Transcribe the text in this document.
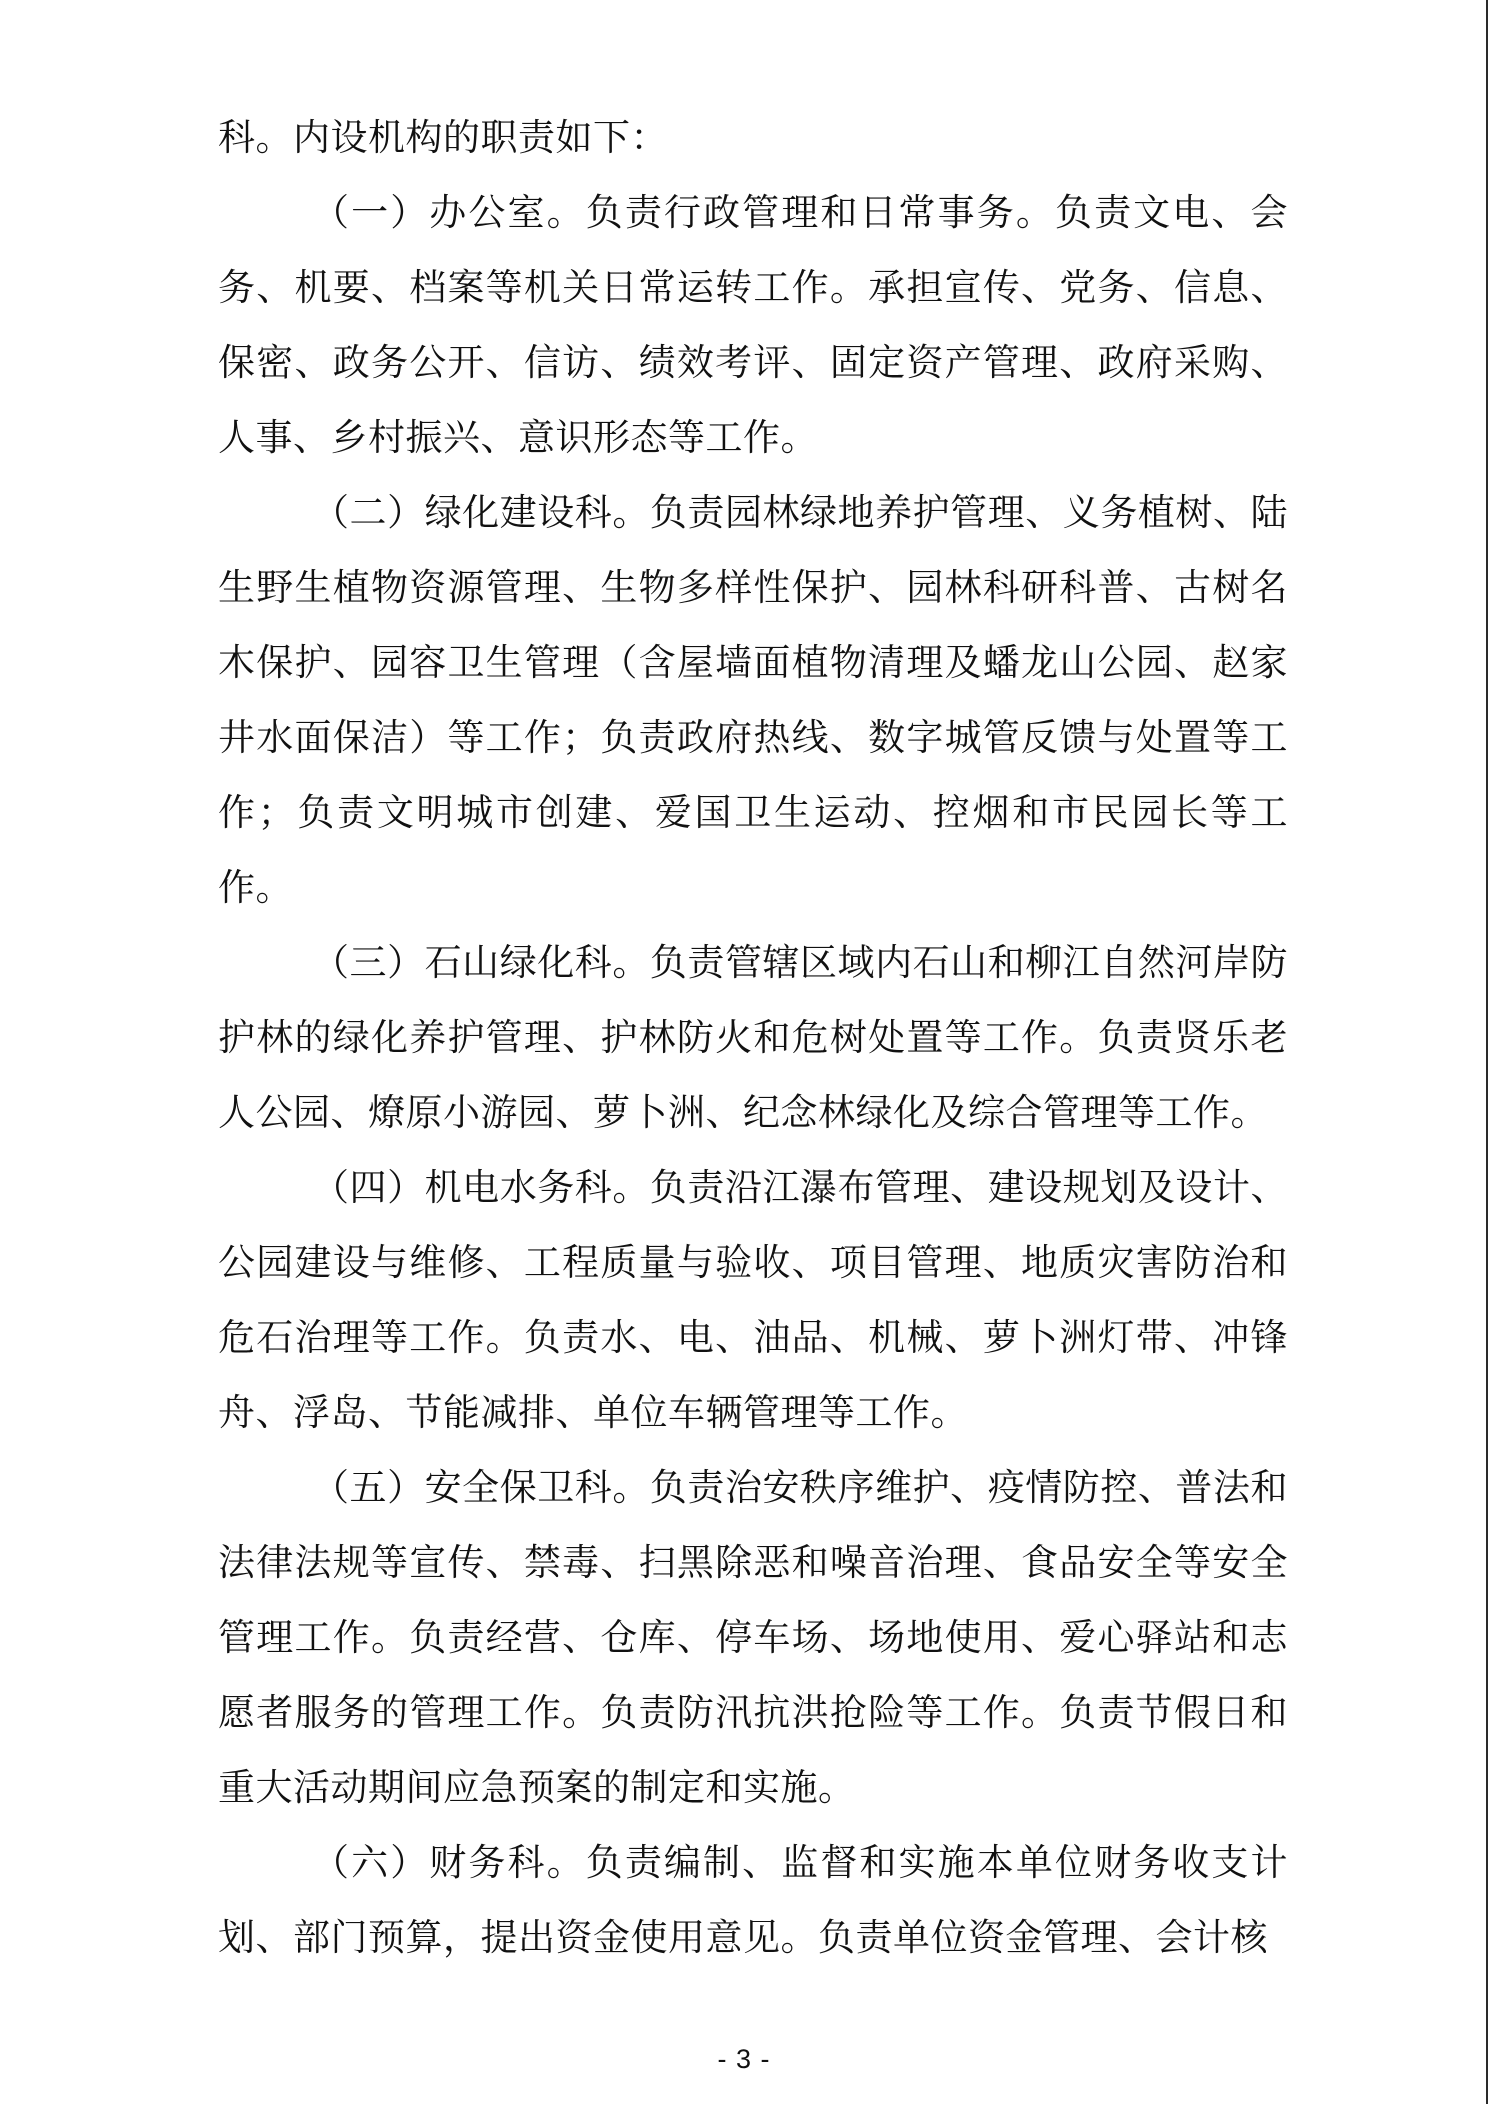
科。内设机构的职责如下：

（一）办公室。负责行政管理和日常事务。负责文电、会务、机要、档案等机关日常运转工作。承担宣传、党务、信息、保密、政务公开、信访、绩效考评、固定资产管理、政府采购、人事、乡村振兴、意识形态等工作。

（二）绿化建设科。负责园林绿地养护管理、义务植树、陆生野生植物资源管理、生物多样性保护、园林科研科普、古树名木保护、园容卫生管理（含屋墙面植物清理及蟠龙山公园、赵家井水面保洁）等工作；负责政府热线、数字城管反馈与处置等工作；负责文明城市创建、爱国卫生运动、控烟和市民园长等工作。

（三）石山绿化科。负责管辖区域内石山和柳江自然河岸防护林的绿化养护管理、护林防火和危树处置等工作。负责贤乐老人公园、燎原小游园、萝卜洲、纪念林绿化及综合管理等工作。

（四）机电水务科。负责沿江瀑布管理、建设规划及设计、公园建设与维修、工程质量与验收、项目管理、地质灾害防治和危石治理等工作。负责水、电、油品、机械、萝卜洲灯带、冲锋舟、浮岛、节能减排、单位车辆管理等工作。

（五）安全保卫科。负责治安秩序维护、疫情防控、普法和法律法规等宣传、禁毒、扫黑除恶和噪音治理、食品安全等安全管理工作。负责经营、仓库、停车场、场地使用、爱心驿站和志愿者服务的管理工作。负责防汛抗洪抢险等工作。负责节假日和重大活动期间应急预案的制定和实施。

（六）财务科。负责编制、监督和实施本单位财务收支计划、部门预算，提出资金使用意见。负责单位资金管理、会计核

- 3 -
